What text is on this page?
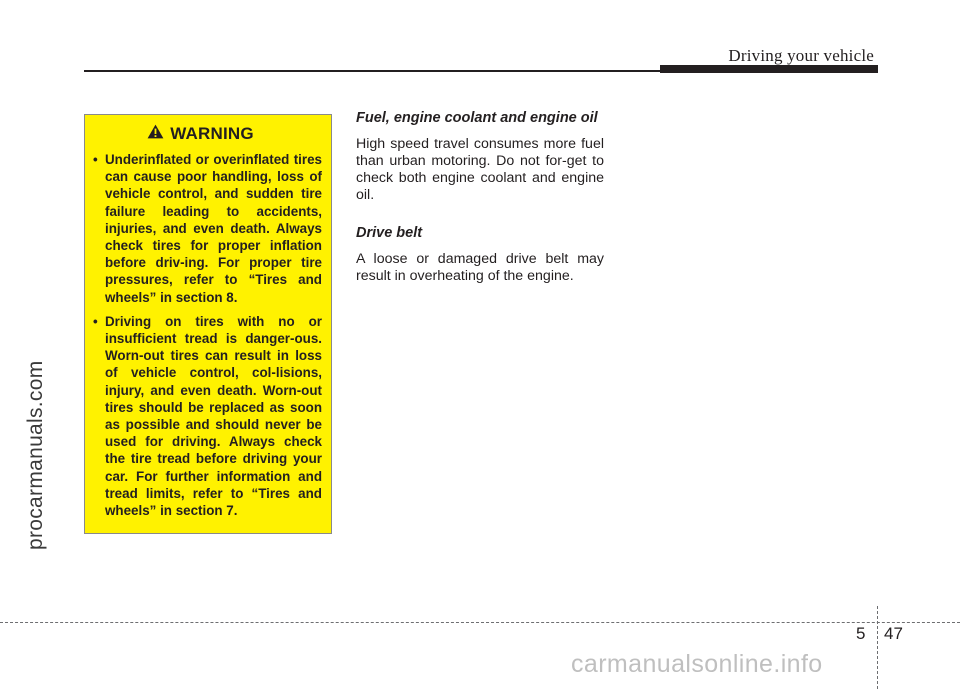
Driving your vehicle
procarmanuals.com
WARNING
• Underinflated or overinflated tires can cause poor handling, loss of vehicle control, and sudden tire failure leading to accidents, injuries, and even death. Always check tires for proper inflation before driv-ing. For proper tire pressures, refer to “Tires and wheels” in section 8.
• Driving on tires with no or insufficient tread is danger-ous. Worn-out tires can result in loss of vehicle control, col-lisions, injury, and even death. Worn-out tires should be replaced as soon as possible and should never be used for driving. Always check the tire tread before driving your car. For further information and tread limits, refer to “Tires and wheels” in section 7.
Fuel, engine coolant and engine oil

High speed travel consumes more fuel than urban motoring. Do not for-get to check both engine coolant and engine oil.

Drive belt

A loose or damaged drive belt may result in overheating of the engine.

5 47
carmanualsonline.info
